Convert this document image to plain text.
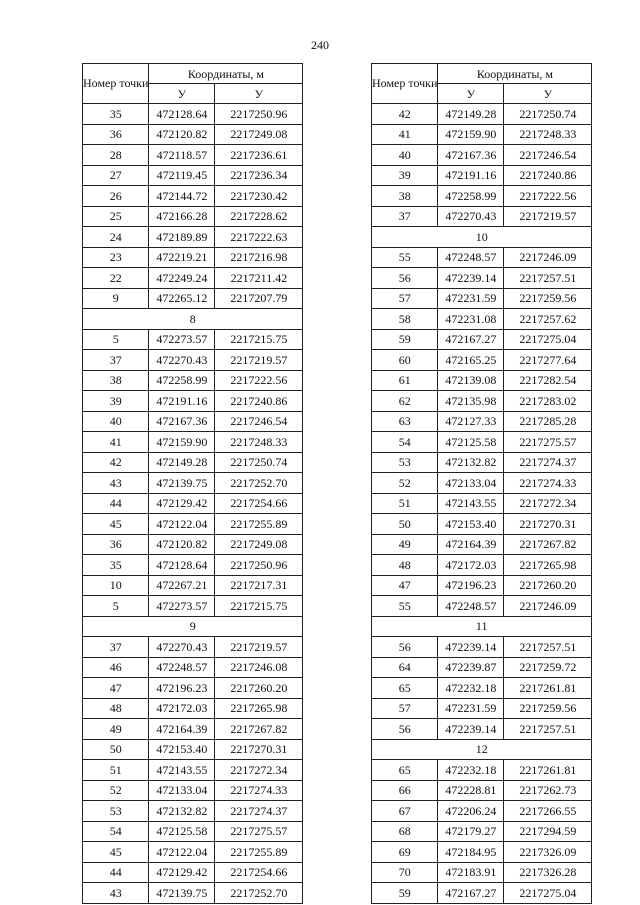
240
Номер точки	Координаты, м	
	У	У
35	472128.64	2217250.96
36	472120.82	2217249.08
28	472118.57	2217236.61
27	472119.45	2217236.34
26	472144.72	2217230.42
25	472166.28	2217228.62
24	472189.89	2217222.63
23	472219.21	2217216.98
22	472249.24	2217211.42
9	472265.12	2217207.79
8		
5	472273.57	2217215.75
37	472270.43	2217219.57
38	472258.99	2217222.56
39	472191.16	2217240.86
40	472167.36	2217246.54
41	472159.90	2217248.33
42	472149.28	2217250.74
43	472139.75	2217252.70
44	472129.42	2217254.66
45	472122.04	2217255.89
36	472120.82	2217249.08
35	472128.64	2217250.96
10	472267.21	2217217.31
5	472273.57	2217215.75
9		
37	472270.43	2217219.57
46	472248.57	2217246.08
47	472196.23	2217260.20
48	472172.03	2217265.98
49	472164.39	2217267.82
50	472153.40	2217270.31
51	472143.55	2217272.34
52	472133.04	2217274.33
53	472132.82	2217274.37
54	472125.58	2217275.57
45	472122.04	2217255.89
44	472129.42	2217254.66
43	472139.75	2217252.70
Номер точки	Координаты, м	
	У	У
42	472149.28	2217250.74
41	472159.90	2217248.33
40	472167.36	2217246.54
39	472191.16	2217240.86
38	472258.99	2217222.56
37	472270.43	2217219.57
10		
55	472248.57	2217246.09
56	472239.14	2217257.51
57	472231.59	2217259.56
58	472231.08	2217257.62
59	472167.27	2217275.04
60	472165.25	2217277.64
61	472139.08	2217282.54
62	472135.98	2217283.02
63	472127.33	2217285.28
54	472125.58	2217275.57
53	472132.82	2217274.37
52	472133.04	2217274.33
51	472143.55	2217272.34
50	472153.40	2217270.31
49	472164.39	2217267.82
48	472172.03	2217265.98
47	472196.23	2217260.20
55	472248.57	2217246.09
11		
56	472239.14	2217257.51
64	472239.87	2217259.72
65	472232.18	2217261.81
57	472231.59	2217259.56
56	472239.14	2217257.51
12		
65	472232.18	2217261.81
66	472228.81	2217262.73
67	472206.24	2217266.55
68	472179.27	2217294.59
69	472184.95	2217326.09
70	472183.91	2217326.28
59	472167.27	2217275.04
